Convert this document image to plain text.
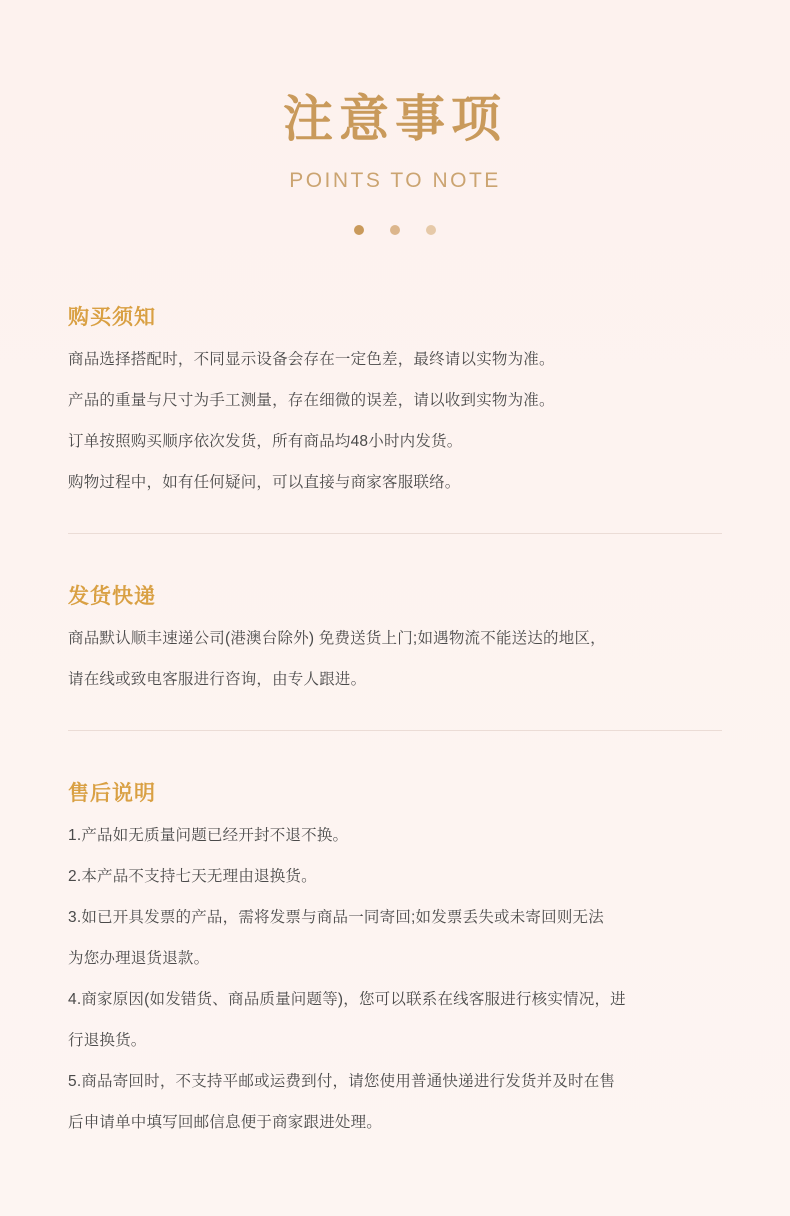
注意事项
POINTS TO NOTE
购买须知

商品选择搭配时，不同显示设备会存在一定色差，最终请以实物为准。

产品的重量与尺寸为手工测量，存在细微的误差，请以收到实物为准。

订单按照购买顺序依次发货，所有商品均48小时内发货。

购物过程中，如有任何疑问，可以直接与商家客服联络。

发货快递

商品默认顺丰速递公司(港澳台除外) 免费送货上门;如遇物流不能送达的地区，

请在线或致电客服进行咨询，由专人跟进。

售后说明

1.产品如无质量问题已经开封不退不换。

2.本产品不支持七天无理由退换货。

3.如已开具发票的产品，需将发票与商品一同寄回;如发票丢失或未寄回则无法

为您办理退货退款。

4.商家原因(如发错货、商品质量问题等)，您可以联系在线客服进行核实情况，进

行退换货。

5.商品寄回时，不支持平邮或运费到付，请您使用普通快递进行发货并及时在售

后申请单中填写回邮信息便于商家跟进处理。
